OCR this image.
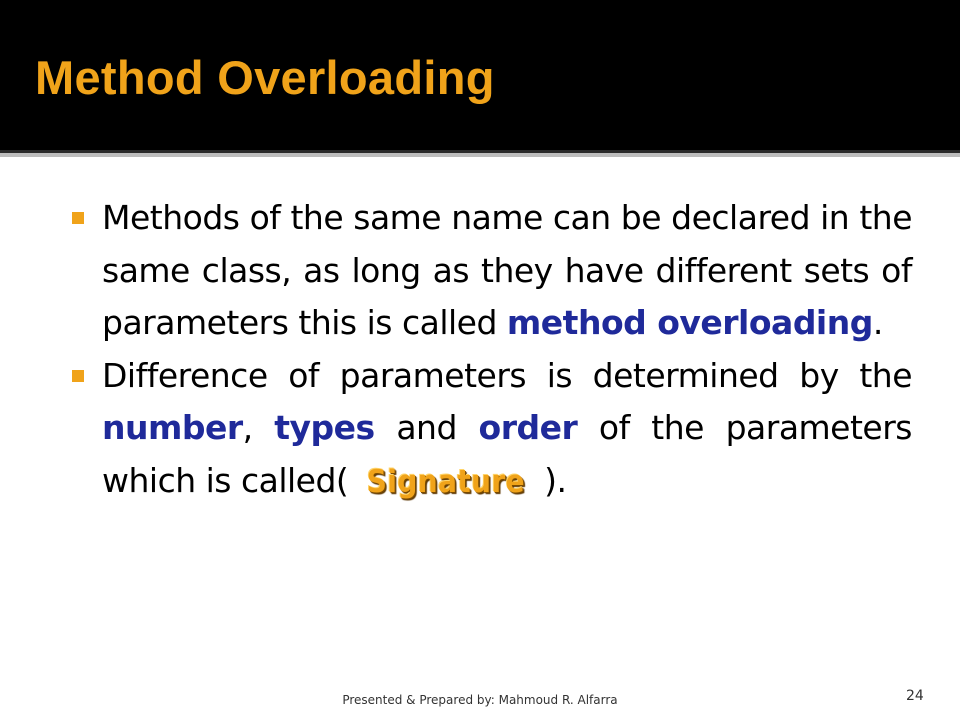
Method Overloading
Methods of the same name can be declared in the same class, as long as they have different sets of parameters this is called method overloading.
Difference of parameters is determined by the number, types and order of the parameters which is called( Signature ).
Presented & Prepared by: Mahmoud R. Alfarra	24
